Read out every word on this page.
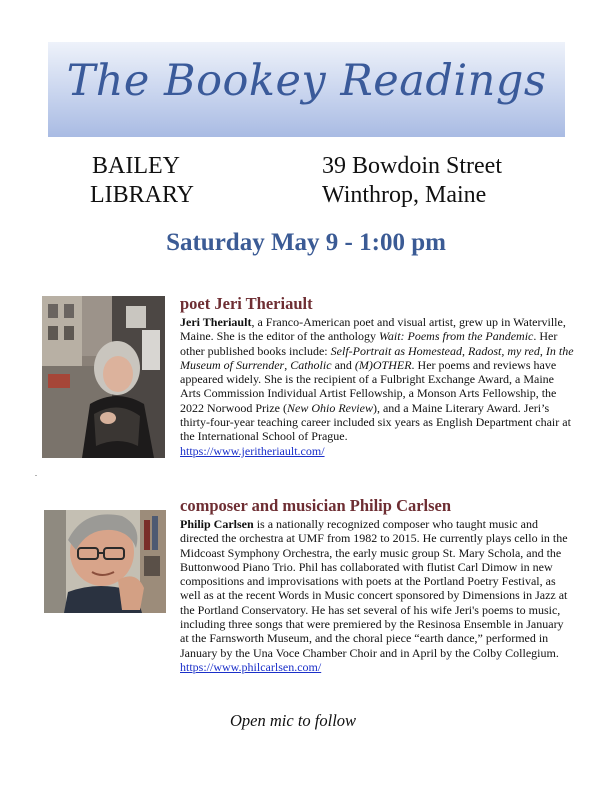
The Bookey Readings
BAILEY
LIBRARY
39 Bowdoin Street
Winthrop, Maine
Saturday May 9 - 1:00 pm
poet Jeri Theriault

Jeri Theriault, a Franco-American poet and visual artist, grew up in Waterville, Maine. She is the editor of the anthology Wait: Poems from the Pandemic. Her other published books include: Self-Portrait as Homestead, Radost, my red, In the Museum of Surrender, Catholic and (M)OTHER. Her poems and reviews have appeared widely. She is the recipient of a Fulbright Exchange Award, a Maine Arts Commission Individual Artist Fellowship, a Monson Arts Fellowship, the 2022 Norwood Prize (New Ohio Review), and a Maine Literary Award. Jeri’s thirty-four-year teaching career included six years as English Department chair at the International School of Prague.

https://www.jeritheriault.com/
.
composer and musician Philip Carlsen

Philip Carlsen is a nationally recognized composer who taught music and directed the orchestra at UMF from 1982 to 2015. He currently plays cello in the Midcoast Symphony Orchestra, the early music group St. Mary Schola, and the Buttonwood Piano Trio. Phil has collaborated with flutist Carl Dimow in new compositions and improvisations with poets at the Portland Poetry Festival, as well as at the recent Words in Music concert sponsored by Dimensions in Jazz at the Portland Conservatory. He has set several of his wife Jeri's poems to music, including three songs that were premiered by the Resinosa Ensemble in January at the Farnsworth Museum, and the choral piece “earth dance,” performed in January by the Una Voce Chamber Choir and in April by the Colby Collegium.

https://www.philcarlsen.com/
Open mic to follow
